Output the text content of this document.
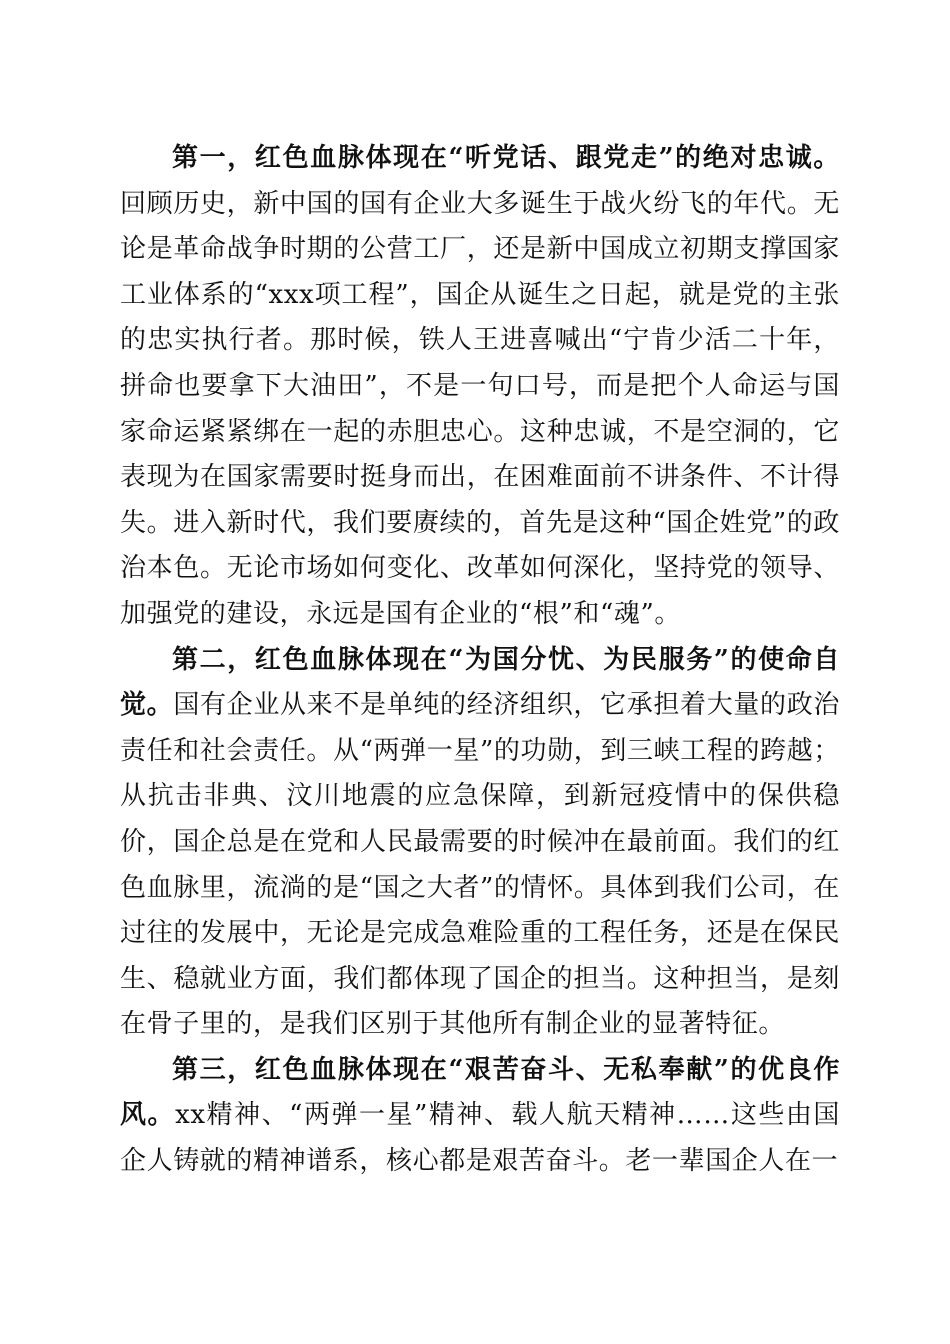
第一，红色血脉体现在“听党话、跟党走”的绝对忠诚。回顾历史，新中国的国有企业大多诞生于战火纷飞的年代。无论是革命战争时期的公营工厂，还是新中国成立初期支撑国家工业体系的“xxx项工程”，国企从诞生之日起，就是党的主张的忠实执行者。那时候，铁人王进喜喊出“宁肯少活二十年，拼命也要拿下大油田”，不是一句口号，而是把个人命运与国家命运紧紧绑在一起的赤胆忠心。这种忠诚，不是空洞的，它表现为在国家需要时挺身而出，在困难面前不讲条件、不计得失。进入新时代，我们要赓续的，首先是这种“国企姓党”的政治本色。无论市场如何变化、改革如何深化，坚持党的领导、加强党的建设，永远是国有企业的“根”和“魂”。

第二，红色血脉体现在“为国分忧、为民服务”的使命自觉。国有企业从来不是单纯的经济组织，它承担着大量的政治责任和社会责任。从“两弹一星”的功勋，到三峡工程的跨越；从抗击非典、汶川地震的应急保障，到新冠疫情中的保供稳价，国企总是在党和人民最需要的时候冲在最前面。我们的红色血脉里，流淌的是“国之大者”的情怀。具体到我们公司，在过往的发展中，无论是完成急难险重的工程任务，还是在保民生、稳就业方面，我们都体现了国企的担当。这种担当，是刻在骨子里的，是我们区别于其他所有制企业的显著特征。

第三，红色血脉体现在“艰苦奋斗、无私奉献”的优良作风。xx精神、“两弹一星”精神、载人航天精神……这些由国企人铸就的精神谱系，核心都是艰苦奋斗。老一辈国企人在一
